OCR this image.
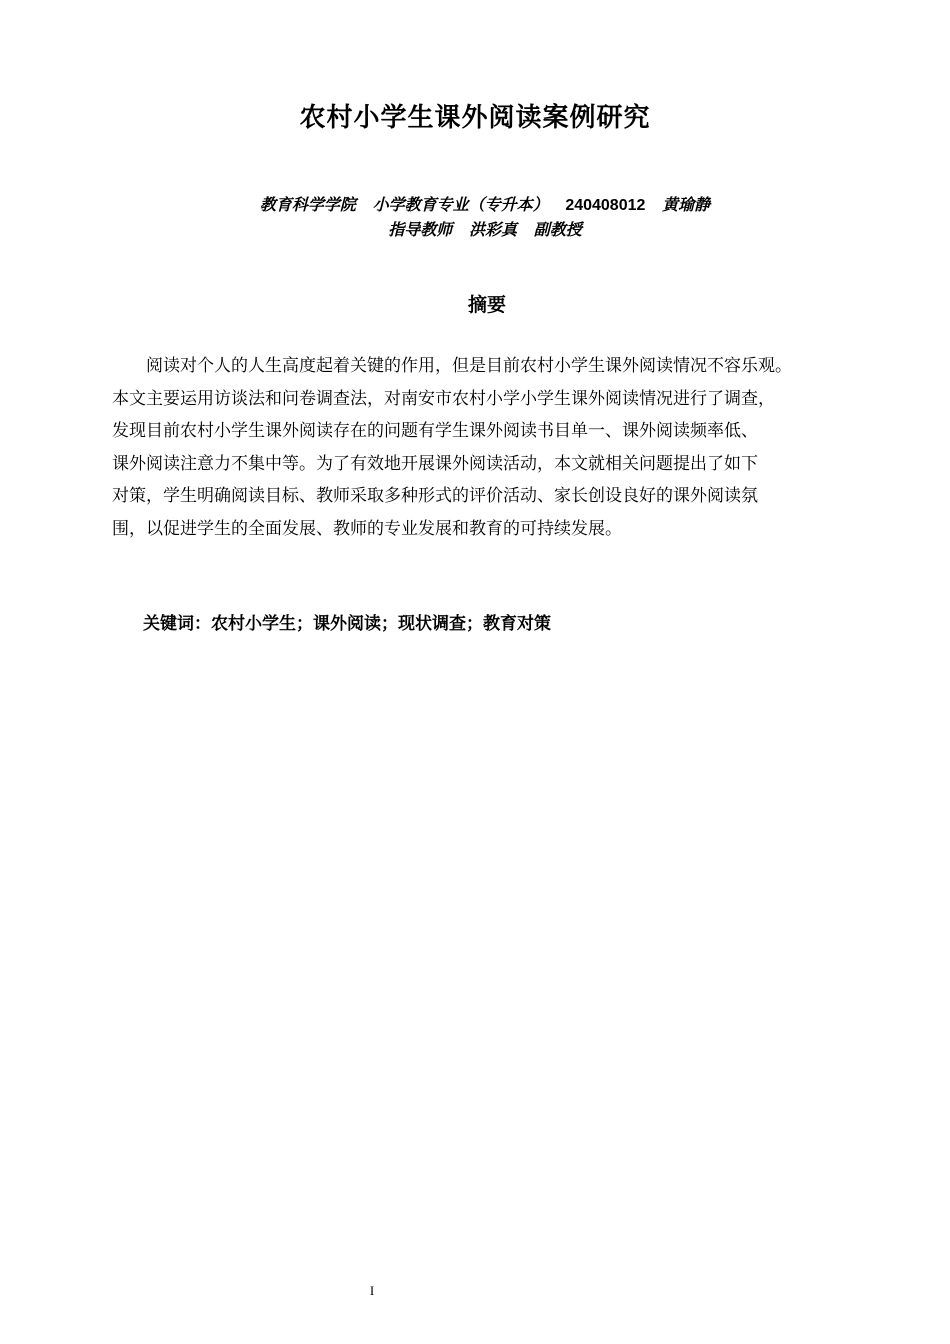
农村小学生课外阅读案例研究
教育科学学院 小学教育专业（专升本） 240408012 黄瑜静
指导教师 洪彩真 副教授
摘要

阅读对个人的人生高度起着关键的作用，但是目前农村小学生课外阅读情况不容乐观。
本文主要运用访谈法和问卷调查法，对南安市农村小学小学生课外阅读情况进行了调查，
发现目前农村小学生课外阅读存在的问题有学生课外阅读书目单一、课外阅读频率低、
课外阅读注意力不集中等。为了有效地开展课外阅读活动，本文就相关问题提出了如下
对策，学生明确阅读目标、教师采取多种形式的评价活动、家长创设良好的课外阅读氛
围，以促进学生的全面发展、教师的专业发展和教育的可持续发展。

关键词：农村小学生；课外阅读；现状调查；教育对策
I
